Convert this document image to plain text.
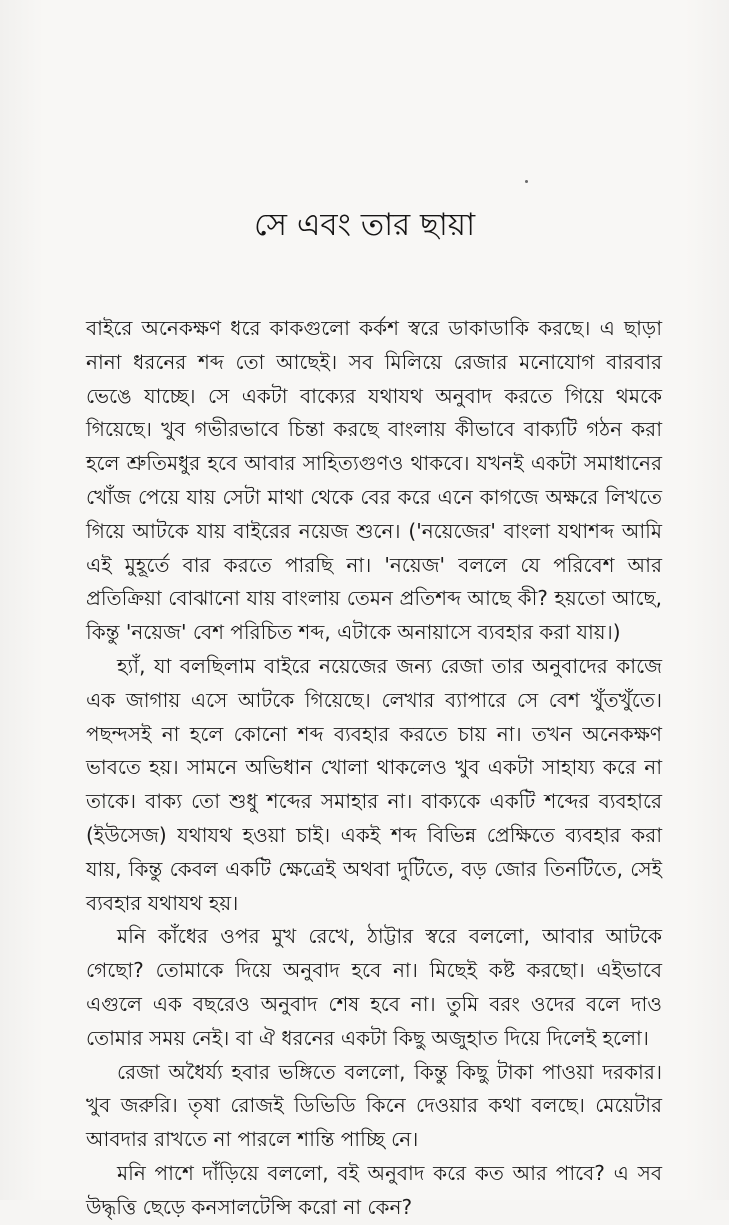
সে এবং তার ছায়া

বাইরে অনেকক্ষণ ধরে কাকগুলো কর্কশ স্বরে ডাকাডাকি করছে। এ ছাড়া নানা ধরনের শব্দ তো আছেই। সব মিলিয়ে রেজার মনোযোগ বারবার ভেঙে যাচ্ছে। সে একটা বাক্যের যথাযথ অনুবাদ করতে গিয়ে থমকে গিয়েছে। খুব গভীরভাবে চিন্তা করছে বাংলায় কীভাবে বাক্যটি গঠন করা হলে শ্রুতিমধুর হবে আবার সাহিত্যগুণও থাকবে। যখনই একটা সমাধানের খোঁজ পেয়ে যায় সেটা মাথা থেকে বের করে এনে কাগজে অক্ষরে লিখতে গিয়ে আটকে যায় বাইরের নয়েজ শুনে। ('নয়েজের' বাংলা যথাশব্দ আমি এই মুহূর্তে বার করতে পারছি না। 'নয়েজ' বললে যে পরিবেশ আর প্রতিক্রিয়া বোঝানো যায় বাংলায় তেমন প্রতিশব্দ আছে কী? হয়তো আছে, কিন্তু 'নয়েজ' বেশ পরিচিত শব্দ, এটাকে অনায়াসে ব্যবহার করা যায়।)

হ্যাঁ, যা বলছিলাম বাইরে নয়েজের জন্য রেজা তার অনুবাদের কাজে এক জাগায় এসে আটকে গিয়েছে। লেখার ব্যাপারে সে বেশ খুঁতখুঁতে। পছন্দসই না হলে কোনো শব্দ ব্যবহার করতে চায় না। তখন অনেকক্ষণ ভাবতে হয়। সামনে অভিধান খোলা থাকলেও খুব একটা সাহায্য করে না তাকে। বাক্য তো শুধু শব্দের সমাহার না। বাক্যকে একটি শব্দের ব্যবহারে (ইউসেজ) যথাযথ হওয়া চাই। একই শব্দ বিভিন্ন প্রেক্ষিতে ব্যবহার করা যায়, কিন্তু কেবল একটি ক্ষেত্রেই অথবা দুটিতে, বড় জোর তিনটিতে, সেই ব্যবহার যথাযথ হয়।

মনি কাঁধের ওপর মুখ রেখে, ঠাট্টার স্বরে বললো, আবার আটকে গেছো? তোমাকে দিয়ে অনুবাদ হবে না। মিছেই কষ্ট করছো। এইভাবে এগুলে এক বছরেও অনুবাদ শেষ হবে না। তুমি বরং ওদের বলে দাও তোমার সময় নেই। বা ঐ ধরনের একটা কিছু অজুহাত দিয়ে দিলেই হলো।

রেজা অধৈর্য্য হবার ভঙ্গিতে বললো, কিন্তু কিছু টাকা পাওয়া দরকার। খুব জরুরি। তৃষা রোজই ডিভিডি কিনে দেওয়ার কথা বলছে। মেয়েটার আবদার রাখতে না পারলে শান্তি পাচ্ছি নে।

মনি পাশে দাঁড়িয়ে বললো, বই অনুবাদ করে কত আর পাবে? এ সব উদ্ধৃত্তি ছেড়ে কনসালটেন্সি করো না কেন?
